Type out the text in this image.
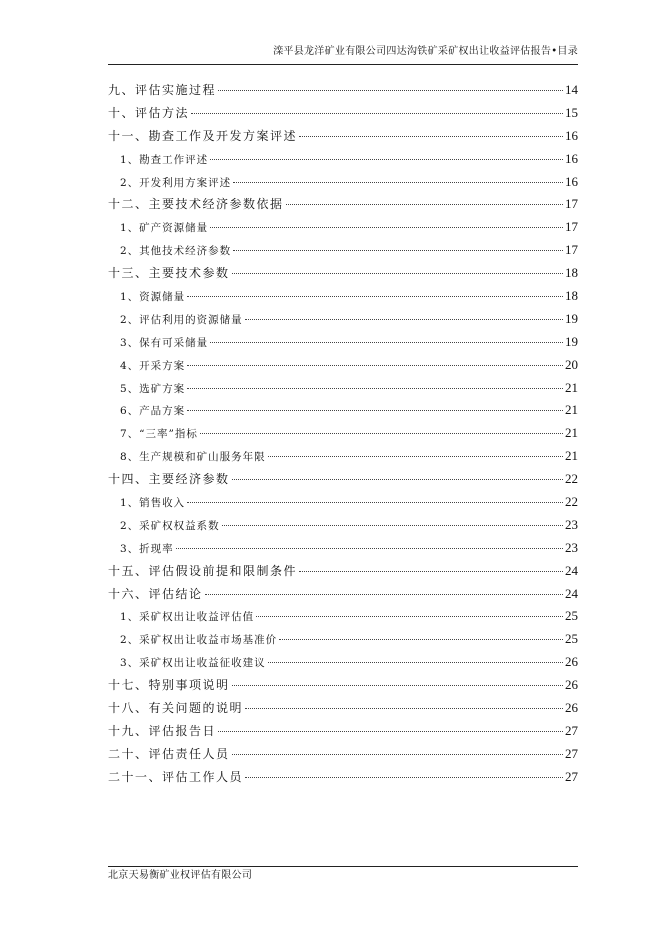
滦平县龙洋矿业有限公司四达沟铁矿采矿权出让收益评估报告•目录
九、评估实施过程	14
十、评估方法	15
十一、勘查工作及开发方案评述	16
1、勘查工作评述	16
2、开发利用方案评述	16
十二、主要技术经济参数依据	17
1、矿产资源储量	17
2、其他技术经济参数	17
十三、主要技术参数	18
1、资源储量	18
2、评估利用的资源储量	19
3、保有可采储量	19
4、开采方案	20
5、选矿方案	21
6、产品方案	21
7、“三率”指标	21
8、生产规模和矿山服务年限	21
十四、主要经济参数	22
1、销售收入	22
2、采矿权权益系数	23
3、折现率	23
十五、评估假设前提和限制条件	24
十六、评估结论	24
1、采矿权出让收益评估值	25
2、采矿权出让收益市场基准价	25
3、采矿权出让收益征收建议	26
十七、特别事项说明	26
十八、有关问题的说明	26
十九、评估报告日	27
二十、评估责任人员	27
二十一、评估工作人员	27
北京天易衡矿业权评估有限公司
